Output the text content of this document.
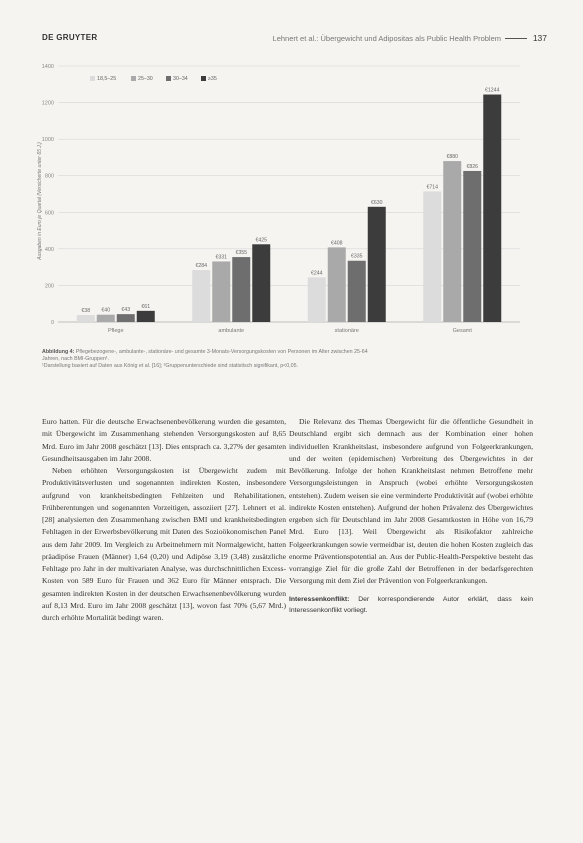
DE GRUYTER	Lehnert et al.: Übergewicht und Adipositas als Public Health Problem	137
Ausgaben in Euro je Quartal (Versicherte unter 65 J.)
0
200
400
600
800
1000
1200
1400
18,5–25	25–30	30–34	≥35
€38 €40 €43
€61
Pflege
€284
€331
€355
€425
ambulante
€244
€408
€335
€630
stationäre
€714
€880
€826
€1244
Gesamt
Abbildung 4: Pflegebezogene-, ambulante-, stationäre- und gesamte 3-Monats-Versorgungskosten von Personen im Alter zwischen 25-64
Jahren, nach BMI-Gruppen¹.
¹Darstellung basiert auf Daten aus König et al. [16]; ²Gruppenunterschiede sind statistisch signifikant, p<0,05.

Euro hatten. Für die deutsche Erwachsenenbevölkerung wurden die gesamten, mit Übergewicht im Zusammenhang stehenden Versorgungskosten auf 8,65 Mrd. Euro im Jahr 2008 geschätzt [13]. Dies entsprach ca. 3,27% der gesamten Gesundheitsausgaben im Jahr 2008.

Neben erhöhten Versorgungskosten ist Übergewicht zudem mit Produktivitätsverlusten und sogenannten indirekten Kosten, insbesondere aufgrund von krankheitsbedingten Fehlzeiten und Rehabilitationen, Frühberentungen und sogenannten Vorzeitigen, assoziiert [27]. Lehnert et al. [28] analysierten den Zusammenhang zwischen BMI und krankheitsbedingten Fehltagen in der Erwerbsbevölkerung mit Daten des Sozioökonomischen Panel aus dem Jahr 2009. Im Vergleich zu Arbeitnehmern mit Normalgewicht, hatten präadipöse Frauen (Männer) 1,64 (0,20) und Adipöse 3,19 (3,48) zusätzliche Fehltage pro Jahr in der multivariaten Analyse, was durchschnittlichen Excess-Kosten von 589 Euro für Frauen und 362 Euro für Männer entsprach. Die gesamten indirekten Kosten in der deutschen Erwachsenenbevölkerung wurden auf 8,13 Mrd. Euro im Jahr 2008 geschätzt [13], wovon fast 70% (5,67 Mrd.) durch erhöhte Mortalität bedingt waren.

Die Relevanz des Themas Übergewicht für die öffentliche Gesundheit in Deutschland ergibt sich demnach aus der Kombination einer hohen individuellen Krankheitslast, insbesondere aufgrund von Folgeerkrankungen, und der weiten (epidemischen) Verbreitung des Übergewichtes in der Bevölkerung. Infolge der hohen Krankheitslast nehmen Betroffene mehr Versorgungsleistungen in Anspruch (wobei erhöhte Versorgungskosten entstehen). Zudem weisen sie eine verminderte Produktivität auf (wobei erhöhte indirekte Kosten entstehen). Aufgrund der hohen Prävalenz des Übergewichtes ergeben sich für Deutschland im Jahr 2008 Gesamtkosten in Höhe von 16,79 Mrd. Euro [13]. Weil Übergewicht als Risikofaktor zahlreiche Folgeerkrankungen sowie vermeidbar ist, deuten die hohen Kosten zugleich das enorme Präventionspotential an. Aus der Public-Health-Perspektive besteht das vorrangige Ziel für die große Zahl der Betroffenen in der bedarfsgerechten Versorgung mit dem Ziel der Prävention von Folgeerkrankungen.

Interessenkonflikt: Der korrespondierende Autor erklärt, dass kein Interessenkonflikt vorliegt.
